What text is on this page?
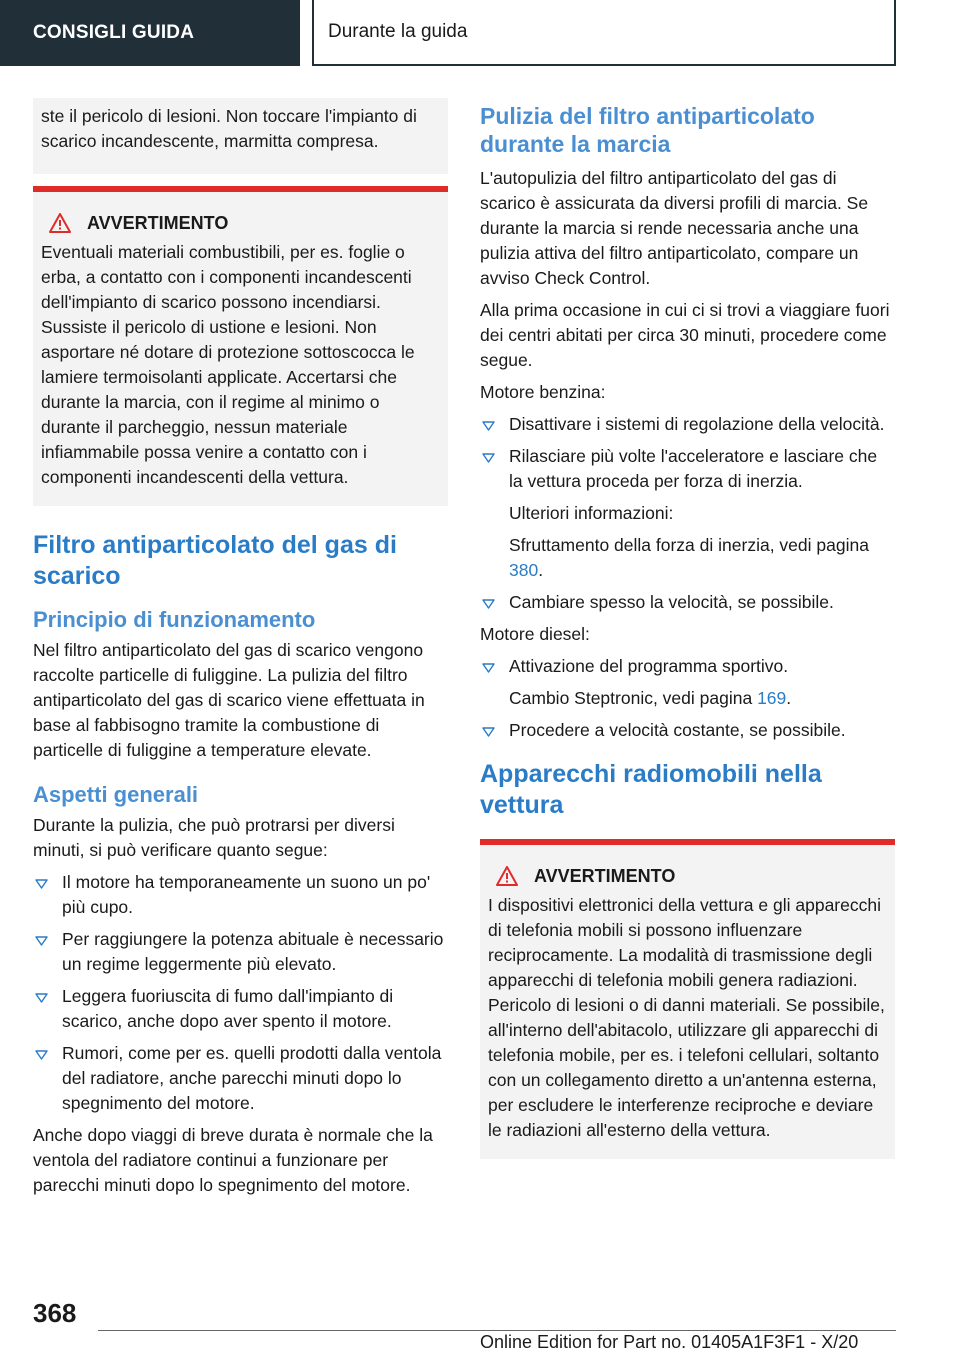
CONSIGLI GUIDA	Durante la guida
ste il pericolo di lesioni. Non toccare l'impianto di scarico incandescente, marmitta compresa.
AVVERTIMENTO
Eventuali materiali combustibili, per es. foglie o erba, a contatto con i componenti incandescenti dell'impianto di scarico possono incendiarsi. Sussiste il pericolo di ustione e lesioni. Non asportare né dotare di protezione sottoscocca le lamiere termoisolanti applicate. Accertarsi che durante la marcia, con il regime al minimo o durante il parcheggio, nessun materiale infiammabile possa venire a contatto con i componenti incandescenti della vettura.
Filtro antiparticolato del gas di scarico
Principio di funzionamento

Nel filtro antiparticolato del gas di scarico vengono raccolte particelle di fuliggine. La pulizia del filtro antiparticolato del gas di scarico viene effettuata in base al fabbisogno tramite la combustione di particelle di fuliggine a temperature elevate.

Aspetti generali

Durante la pulizia, che può protrarsi per diversi minuti, si può verificare quanto segue:

Il motore ha temporaneamente un suono un po' più cupo.
Per raggiungere la potenza abituale è necessario un regime leggermente più elevato.
Leggera fuoriuscita di fumo dall'impianto di scarico, anche dopo aver spento il motore.
Rumori, come per es. quelli prodotti dalla ventola del radiatore, anche parecchi minuti dopo lo spegnimento del motore.

Anche dopo viaggi di breve durata è normale che la ventola del radiatore continui a funzionare per parecchi minuti dopo lo spegnimento del motore.

Pulizia del filtro antiparticolato durante la marcia

L'autopulizia del filtro antiparticolato del gas di scarico è assicurata da diversi profili di marcia. Se durante la marcia si rende necessaria anche una pulizia attiva del filtro antiparticolato, compare un avviso Check Control.

Alla prima occasione in cui ci si trovi a viaggiare fuori dei centri abitati per circa 30 minuti, procedere come segue.

Motore benzina:

Disattivare i sistemi di regolazione della velocità.
Rilasciare più volte l'acceleratore e lasciare che la vettura proceda per forza di inerzia.
Ulteriori informazioni:
Sfruttamento della forza di inerzia, vedi pagina 380.
Cambiare spesso la velocità, se possibile.

Motore diesel:

Attivazione del programma sportivo.
Cambio Steptronic, vedi pagina 169.
Procedere a velocità costante, se possibile.
Apparecchi radiomobili nella vettura
AVVERTIMENTO
I dispositivi elettronici della vettura e gli apparecchi di telefonia mobili si possono influenzare reciprocamente. La modalità di trasmissione degli apparecchi di telefonia mobili genera radiazioni. Pericolo di lesioni o di danni materiali. Se possibile, all'interno dell'abitacolo, utilizzare gli apparecchi di telefonia mobile, per es. i telefoni cellulari, soltanto con un collegamento diretto a un'antenna esterna, per escludere le interferenze reciproche e deviare le radiazioni all'esterno della vettura.
368
Online Edition for Part no. 01405A1F3F1 - X/20
